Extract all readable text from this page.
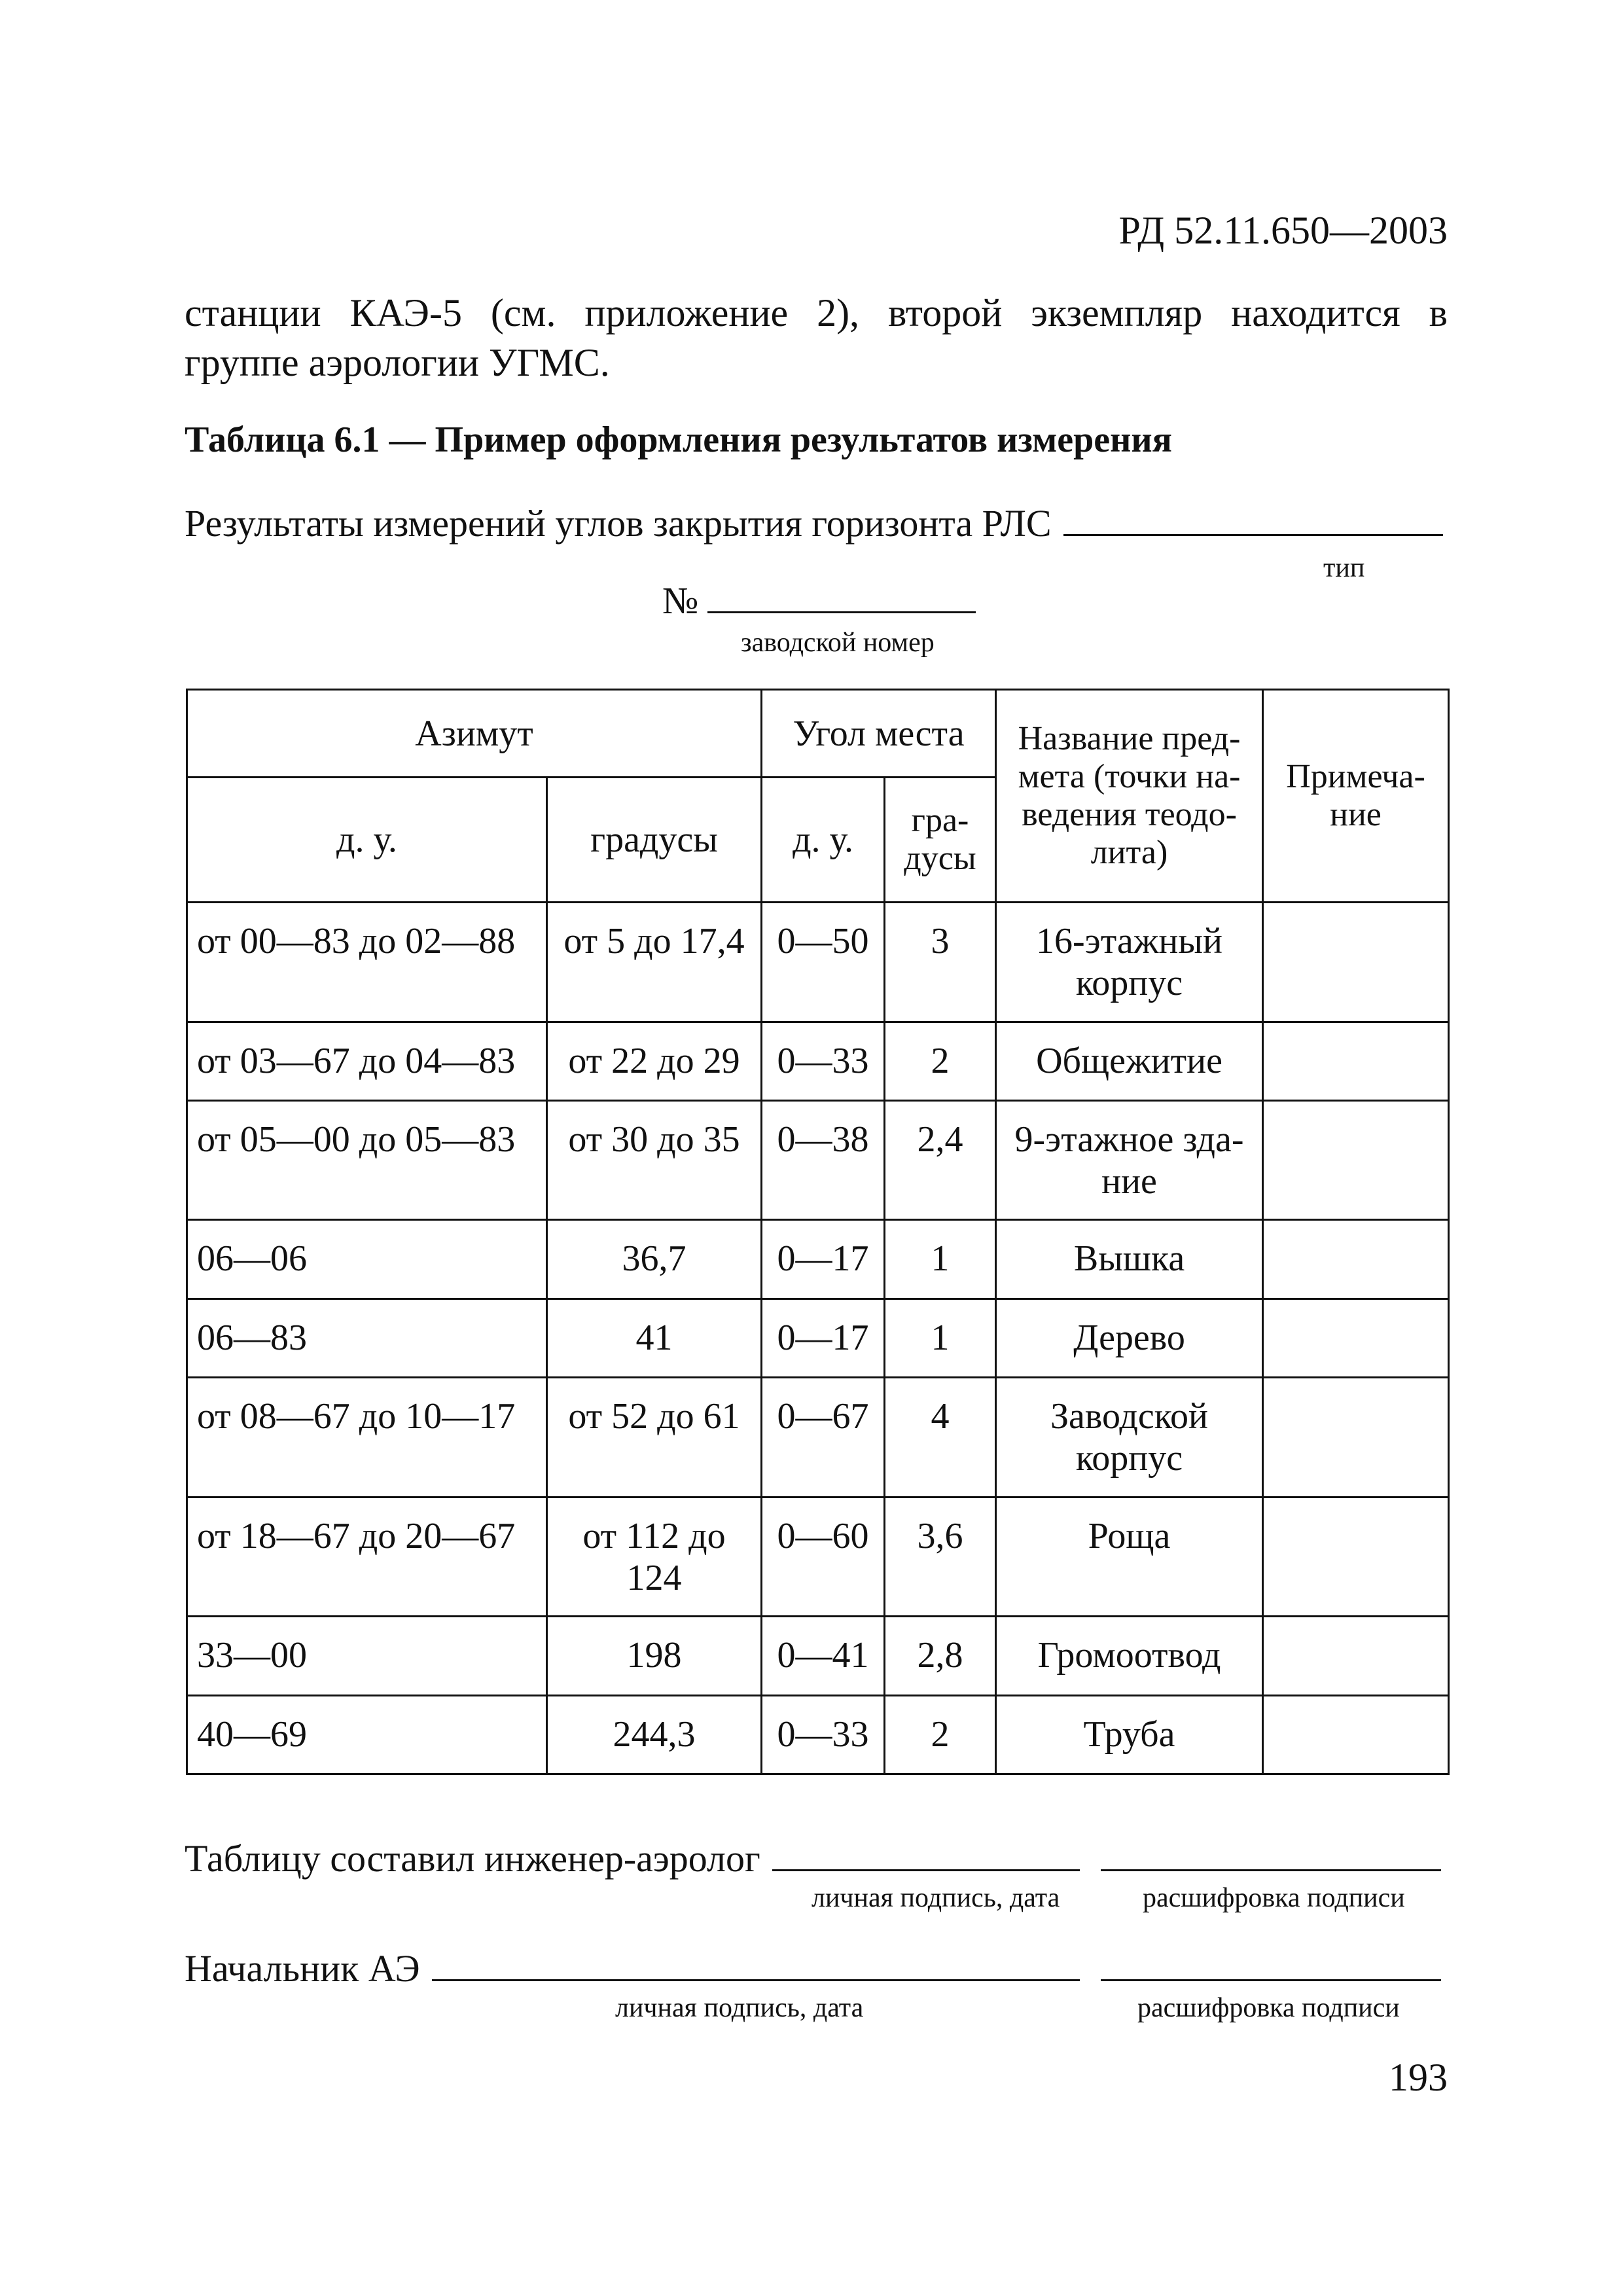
РД 52.11.650—2003
станции КАЭ-5 (см. приложение 2), второй экземпляр находится в
группе аэрологии УГМС.
Таблица 6.1 — Пример оформления результатов измерения
Результаты измерений углов закрытия горизонта РЛС
тип
№
заводской номер
Азимут		Угол места		Название пред-мета (точки на-ведения теодо-лита)	Примеча-ние
д. у.	градусы	д. у.	гра-дусы		
от 00—83 до 02—88	от 5 до 17,4	0—50	3	16-этажный корпус	
от 03—67 до 04—83	от 22 до 29	0—33	2	Общежитие	
от 05—00 до 05—83	от 30 до 35	0—38	2,4	9-этажное зда-ние	
06—06	36,7	0—17	1	Вышка	
06—83	41	0—17	1	Дерево	
от 08—67 до 10—17	от 52 до 61	0—67	4	Заводской корпус	
от 18—67 до 20—67	от 112 до 124	0—60	3,6	Роща	
33—00	198	0—41	2,8	Громоотвод	
40—69	244,3	0—33	2	Труба	
Таблицу составил инженер-аэролог
личная подпись, дата	расшифровка подписи
Начальник АЭ
личная подпись, дата	расшифровка подписи
193
